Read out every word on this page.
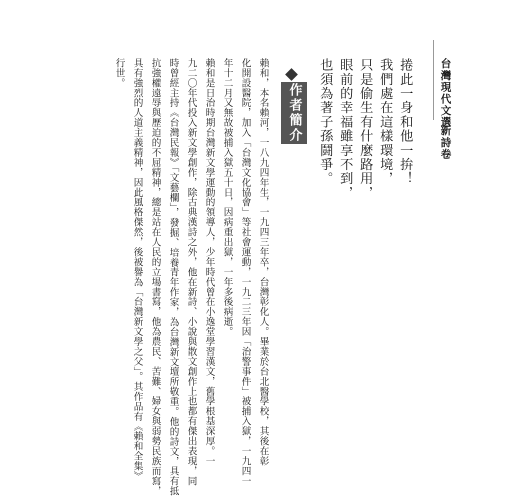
台灣現代文選
新詩卷
捲此一身和他一拚！
我們處在這樣環境，
只是偷生有什麼路用，
眼前的幸福雖享不到，
也須為著子孫鬪爭。
作者簡介
賴和，本名賴河，一八九四年生，一九四三年卒，台灣彰化人。畢業於台北醫學校，其後在彰
化開設醫院，加入「台灣文化協會」等社會運動，一九二三年因「治警事件」被捕入獄，一九四一
年十二月又無故被捕入獄五十日，因病重出獄，一年多後病逝。
賴和是日治時期台灣新文學運動的領導人，少年時代曾在小逸堂學習漢文，舊學根基深厚。一
九二〇年代投入新文學創作，除古典漢詩之外，他在新詩、小說與散文創作上也都有傑出表現，同
時曾經主持《台灣民報》「文藝欄」，發掘、培養青年作家，為台灣新文壇所敬重。他的詩文，具有抵
抗強權遠辱與歷迫的不屈精神，總是站在人民的立場書寫，他為農民、苦難、婦女與弱勢民族而寫，
具有強烈的人道主義精神，因此風格傑然，後被譽為「台灣新文學之父」。其作品有《賴和全集》
行世。
